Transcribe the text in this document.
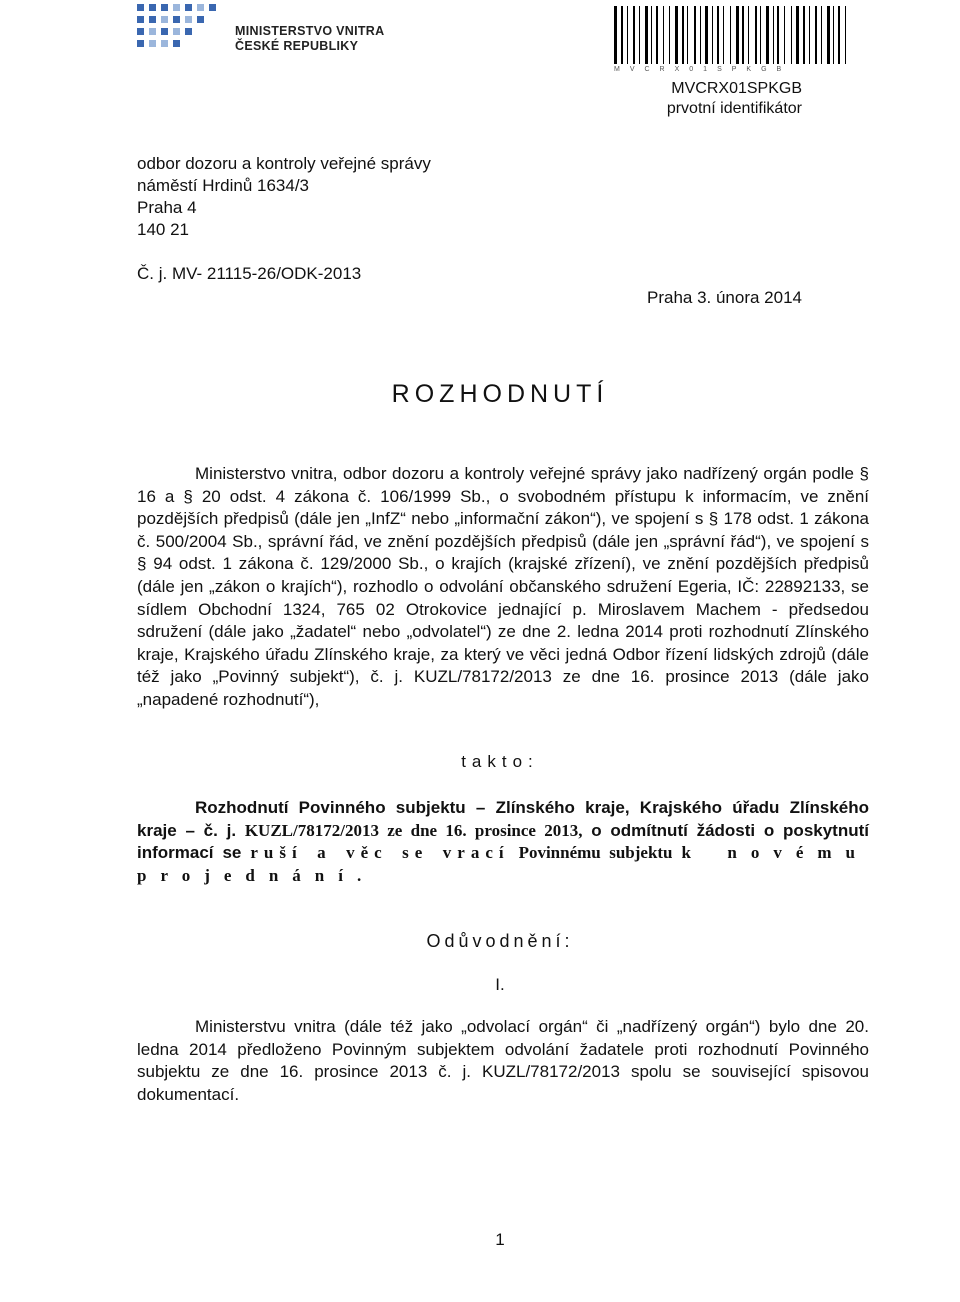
MINISTERSTVO VNITRA
ČESKÉ REPUBLIKY
MVCRX01SPKGB
MVCRX01SPKGB
prvotní identifikátor
odbor dozoru a kontroly veřejné správy
náměstí Hrdinů 1634/3
Praha 4
140 21
Č. j. MV- 21115-26/ODK-2013
Praha 3. února 2014
ROZHODNUTÍ
Ministerstvo vnitra, odbor dozoru a kontroly veřejné správy jako nadřízený orgán podle § 16 a § 20 odst. 4 zákona č. 106/1999 Sb., o svobodném přístupu k informacím, ve znění pozdějších předpisů (dále jen „InfZ“ nebo „informační zákon“), ve spojení s § 178 odst. 1 zákona č. 500/2004 Sb., správní řád, ve znění pozdějších předpisů (dále jen „správní řád“), ve spojení s § 94 odst. 1 zákona č. 129/2000 Sb., o krajích (krajské zřízení), ve znění pozdějších předpisů (dále jen „zákon o krajích“), rozhodlo o odvolání občanského sdružení Egeria, IČ: 22892133, se sídlem Obchodní 1324, 765 02 Otrokovice jednající p. Miroslavem Machem - předsedou sdružení (dále jako „žadatel“ nebo „odvolatel“) ze dne 2. ledna 2014 proti rozhodnutí Zlínského kraje, Krajského úřadu Zlínského kraje, za který ve věci jedná Odbor řízení lidských zdrojů (dále též jako „Povinný subjekt“), č. j. KUZL/78172/2013 ze dne 16. prosince 2013 (dále jako „napadené rozhodnutí“),
takto:
Rozhodnutí Povinného subjektu – Zlínského kraje, Krajského úřadu Zlínského kraje – č. j. KUZL/78172/2013 ze dne 16. prosince 2013, o odmítnutí žádosti o poskytnutí informací se ruší a věc se vrací Povinnému subjektu k novému projednání.
Odůvodnění:
I.
Ministerstvu vnitra (dále též jako „odvolací orgán“ či „nadřízený orgán“) bylo dne 20. ledna 2014 předloženo Povinným subjektem odvolání žadatele proti rozhodnutí Povinného subjektu ze dne 16. prosince 2013 č. j. KUZL/78172/2013 spolu se související spisovou dokumentací.
1
